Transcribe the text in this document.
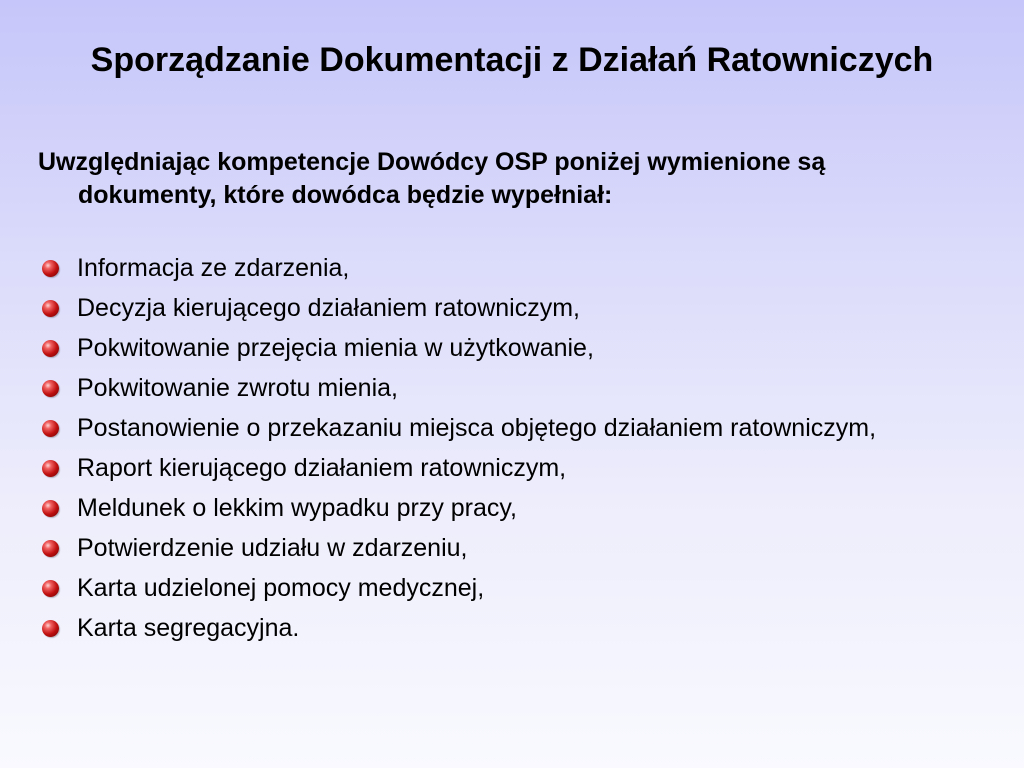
Sporządzanie Dokumentacji z Działań Ratowniczych

Uwzględniając kompetencje Dowódcy OSP poniżej wymienione są dokumenty, które dowódca będzie wypełniał:

Informacja ze zdarzenia,
Decyzja kierującego działaniem ratowniczym,
Pokwitowanie przejęcia mienia w użytkowanie,
Pokwitowanie zwrotu mienia,
Postanowienie o przekazaniu miejsca objętego działaniem ratowniczym,
Raport kierującego działaniem ratowniczym,
Meldunek o lekkim wypadku przy pracy,
Potwierdzenie udziału w zdarzeniu,
Karta udzielonej pomocy medycznej,
Karta segregacyjna.
